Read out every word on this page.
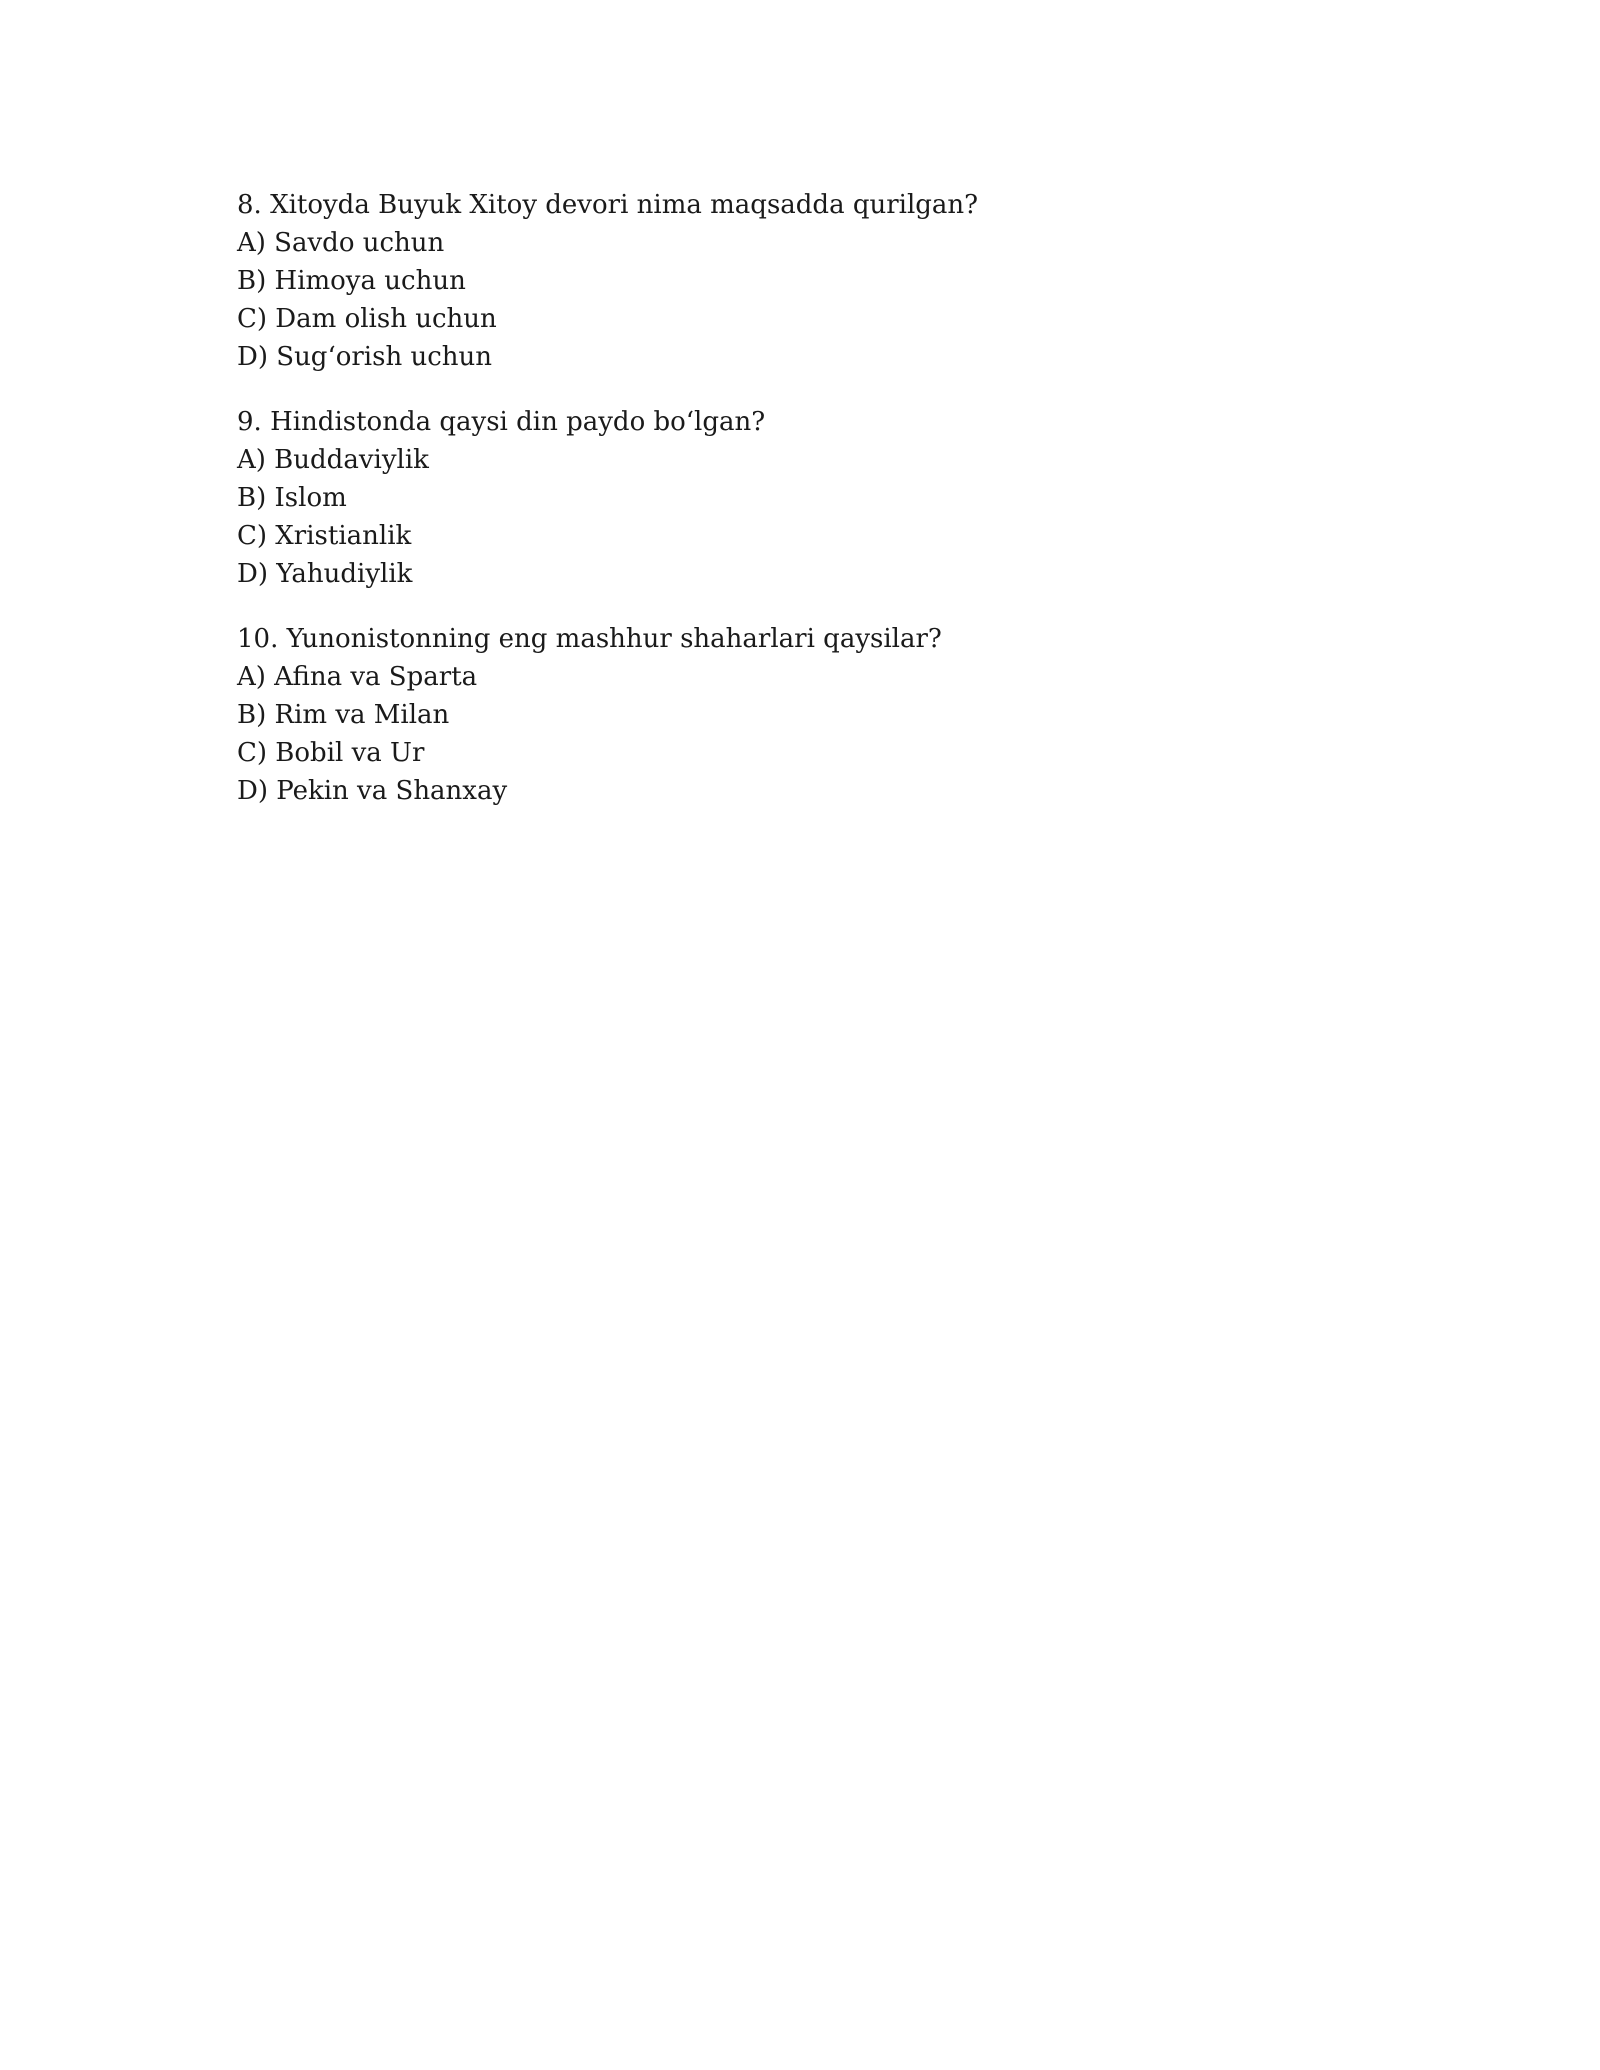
8. Xitoyda Buyuk Xitoy devori nima maqsadda qurilgan?
A) Savdo uchun
B) Himoya uchun
C) Dam olish uchun
D) Sug‘orish uchun
9. Hindistonda qaysi din paydo bo‘lgan?
A) Buddaviylik
B) Islom
C) Xristianlik
D) Yahudiylik
10. Yunonistonning eng mashhur shaharlari qaysilar?
A) Afina va Sparta
B) Rim va Milan
C) Bobil va Ur
D) Pekin va Shanxay
